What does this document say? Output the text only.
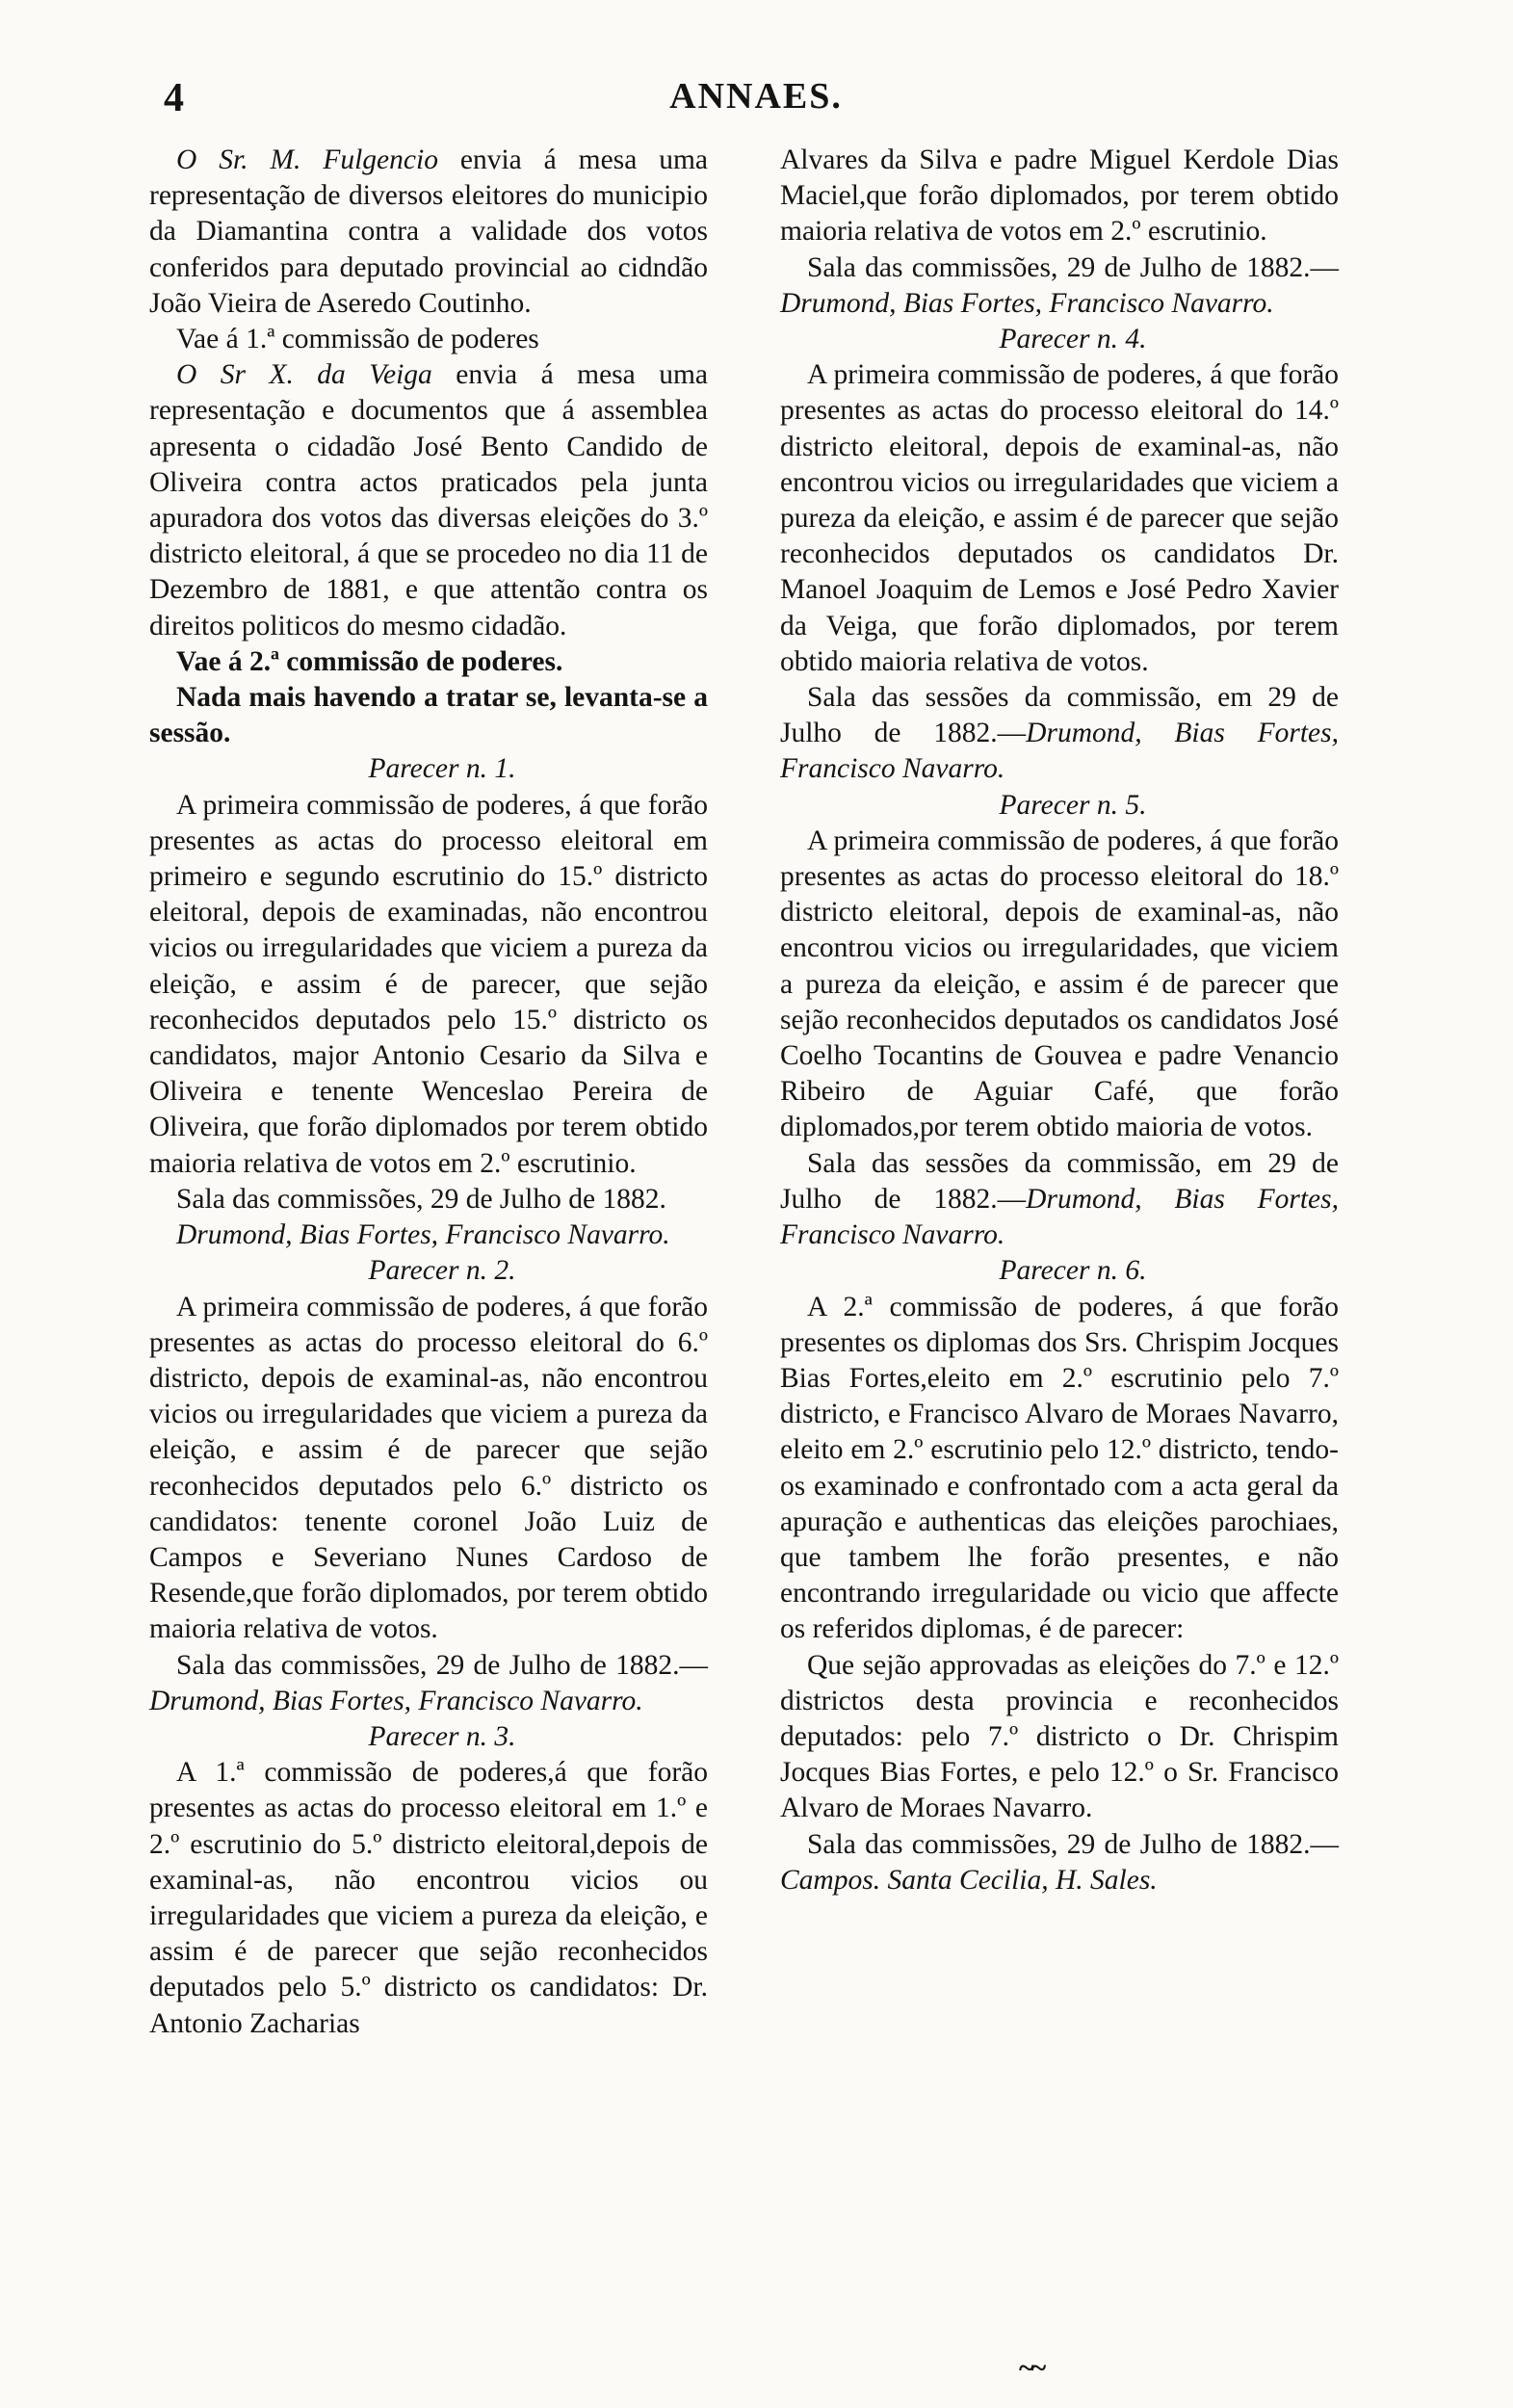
4	ANNAES.

O Sr. M. Fulgencio envia á mesa uma representação de diversos eleitores do municipio da Diamantina contra a validade dos votos conferidos para deputado provincial ao cidndão João Vieira de Aseredo Coutinho.

Vae á 1.ª commissão de poderes

O Sr X. da Veiga envia á mesa uma representação e documentos que á assemblea apresenta o cidadão José Bento Candido de Oliveira contra actos praticados pela junta apuradora dos votos das diversas eleições do 3.º districto eleitoral, á que se procedeo no dia 11 de Dezembro de 1881, e que attentão contra os direitos politicos do mesmo cidadão.

Vae á 2.ª commissão de poderes.

Nada mais havendo a tratar se, levanta-se a sessão.

Parecer n. 1.

A primeira commissão de poderes, á que forão presentes as actas do processo eleitoral em primeiro e segundo escrutinio do 15.º districto eleitoral, depois de examinadas, não encontrou vicios ou irregularidades que viciem a pureza da eleição, e assim é de parecer, que sejão reconhecidos deputados pelo 15.º districto os candidatos, major Antonio Cesario da Silva e Oliveira e tenente Wenceslao Pereira de Oliveira, que forão diplomados por terem obtido maioria relativa de votos em 2.º escrutinio.

Sala das commissões, 29 de Julho de 1882.

Drumond, Bias Fortes, Francisco Navarro.

Parecer n. 2.

A primeira commissão de poderes, á que forão presentes as actas do processo eleitoral do 6.º districto, depois de examinal-as, não encontrou vicios ou irregularidades que viciem a pureza da eleição, e assim é de parecer que sejão reconhecidos deputados pelo 6.º districto os candidatos: tenente coronel João Luiz de Campos e Severiano Nunes Cardoso de Resende,que forão diplomados, por terem obtido maioria relativa de votos.

Sala das commissões, 29 de Julho de 1882.—Drumond, Bias Fortes, Francisco Navarro.

Parecer n. 3.

A 1.ª commissão de poderes,á que forão presentes as actas do processo eleitoral em 1.º e 2.º escrutinio do 5.º districto eleitoral,depois de examinal-as, não encontrou vicios ou irregularidades que viciem a pureza da eleição, e assim é de parecer que sejão reconhecidos deputados pelo 5.º districto os candidatos: Dr. Antonio Zacharias

Alvares da Silva e padre Miguel Kerdole Dias Maciel,que forão diplomados, por terem obtido maioria relativa de votos em 2.º escrutinio.

Sala das commissões, 29 de Julho de 1882.—Drumond, Bias Fortes, Francisco Navarro.

Parecer n. 4.

A primeira commissão de poderes, á que forão presentes as actas do processo eleitoral do 14.º districto eleitoral, depois de examinal-as, não encontrou vicios ou irregularidades que viciem a pureza da eleição, e assim é de parecer que sejão reconhecidos deputados os candidatos Dr. Manoel Joaquim de Lemos e José Pedro Xavier da Veiga, que forão diplomados, por terem obtido maioria relativa de votos.

Sala das sessões da commissão, em 29 de Julho de 1882.—Drumond, Bias Fortes, Francisco Navarro.

Parecer n. 5.

A primeira commissão de poderes, á que forão presentes as actas do processo eleitoral do 18.º districto eleitoral, depois de examinal-as, não encontrou vicios ou irregularidades, que viciem a pureza da eleição, e assim é de parecer que sejão reconhecidos deputados os candidatos José Coelho Tocantins de Gouvea e padre Venancio Ribeiro de Aguiar Café, que forão diplomados,por terem obtido maioria de votos.

Sala das sessões da commissão, em 29 de Julho de 1882.—Drumond, Bias Fortes, Francisco Navarro.

Parecer n. 6.

A 2.ª commissão de poderes, á que forão presentes os diplomas dos Srs. Chrispim Jocques Bias Fortes,eleito em 2.º escrutinio pelo 7.º districto, e Francisco Alvaro de Moraes Navarro, eleito em 2.º escrutinio pelo 12.º districto, tendo-os examinado e confrontado com a acta geral da apuração e authenticas das eleições parochiaes, que tambem lhe forão presentes, e não encontrando irregularidade ou vicio que affecte os referidos diplomas, é de parecer:

Que sejão approvadas as eleições do 7.º e 12.º districtos desta provincia e reconhecidos deputados: pelo 7.º districto o Dr. Chrispim Jocques Bias Fortes, e pelo 12.º o Sr. Francisco Alvaro de Moraes Navarro.

Sala das commissões, 29 de Julho de 1882.—Campos. Santa Cecilia, H. Sales.

~~
